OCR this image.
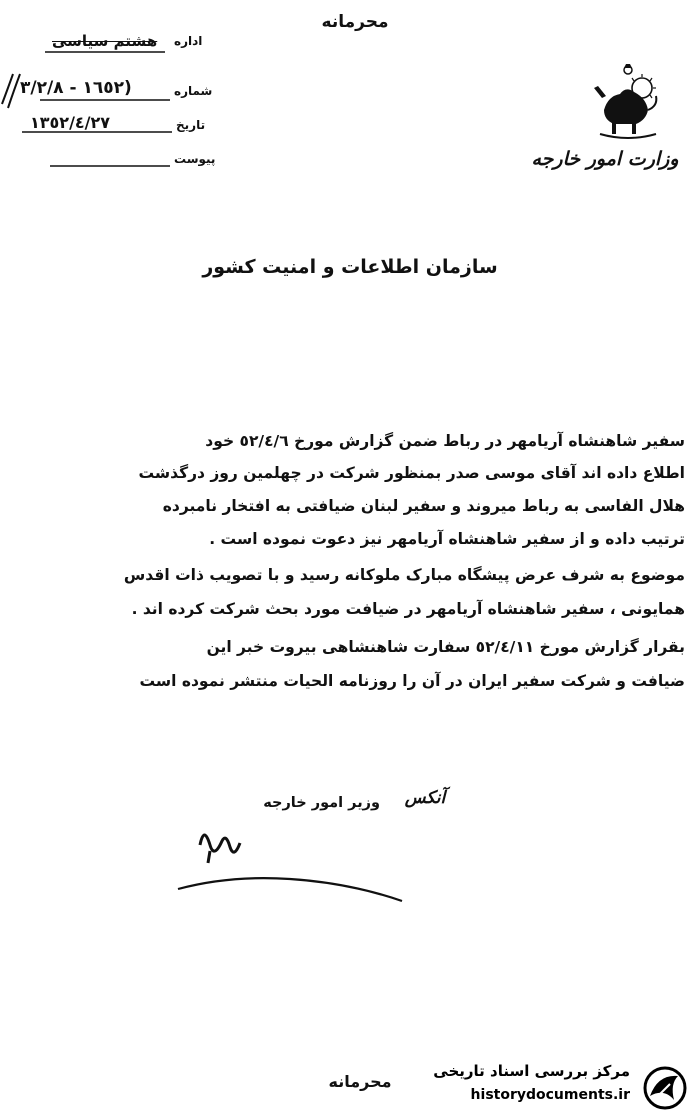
محرمانه
اداره
هشتم سیاسی
شماره
(١٦٥٢ - ٣/٢/٨
تاریخ
١٣٥٢/٤/٢٧
پیوست	وزارت امور خارجه
سازمان اطلاعات و امنیت کشور
سفیر شاهنشاه آریامهر در رباط ضمن گزارش مورخ ٥٢/٤/٦ خود
اطلاع داده اند آقای موسی صدر بمنظور شرکت در چهلمین روز درگذشت
هلال الفاسی به رباط میروند و سفیر لبنان ضیافتی به افتخار نامبرده
ترتیب داده و از سفیر شاهنشاه آریامهر نیز دعوت نموده است .
موضوع به شرف عرض پیشگاه مبارک ملوکانه رسید و با تصویب ذات اقدس
همایونی ، سفیر شاهنشاه آریامهر در ضیافت مورد بحث شرکت کرده اند .
بقرار گزارش مورخ ٥٢/٤/١١ سفارت شاهنشاهی بیروت خبر این
ضیافت و شرکت سفیر ایران در آن را روزنامه الحیات منتشر نموده است
آنکس
وزیر امور خارجه
محرمانه
مرکز بررسی اسناد تاریخی
historydocuments.ir
